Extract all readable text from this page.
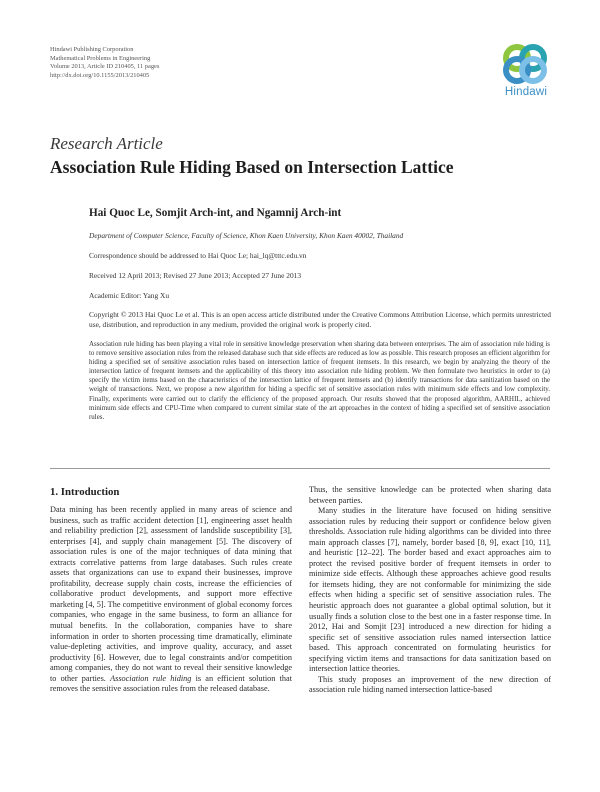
Hindawi Publishing Corporation
Mathematical Problems in Engineering
Volume 2013, Article ID 210405, 11 pages
http://dx.doi.org/10.1155/2013/210405
Hindawi
Research Article
Association Rule Hiding Based on Intersection Lattice
Hai Quoc Le, Somjit Arch-int, and Ngamnij Arch-int
Department of Computer Science, Faculty of Science, Khon Kaen University, Khon Kaen 40002, Thailand
Correspondence should be addressed to Hai Quoc Le; hai_lq@tttc.edu.vn
Received 12 April 2013; Revised 27 June 2013; Accepted 27 June 2013
Academic Editor: Yang Xu
Copyright © 2013 Hai Quoc Le et al. This is an open access article distributed under the Creative Commons Attribution License, which permits unrestricted use, distribution, and reproduction in any medium, provided the original work is properly cited.
Association rule hiding has been playing a vital role in sensitive knowledge preservation when sharing data between enterprises. The aim of association rule hiding is to remove sensitive association rules from the released database such that side effects are reduced as low as possible. This research proposes an efficient algorithm for hiding a specified set of sensitive association rules based on intersection lattice of frequent itemsets. In this research, we begin by analyzing the theory of the intersection lattice of frequent itemsets and the applicability of this theory into association rule hiding problem. We then formulate two heuristics in order to (a) specify the victim items based on the characteristics of the intersection lattice of frequent itemsets and (b) identify transactions for data sanitization based on the weight of transactions. Next, we propose a new algorithm for hiding a specific set of sensitive association rules with minimum side effects and low complexity. Finally, experiments were carried out to clarify the efficiency of the proposed approach. Our results showed that the proposed algorithm, AARHIL, achieved minimum side effects and CPU-Time when compared to current similar state of the art approaches in the context of hiding a specified set of sensitive association rules.
1. Introduction

Data mining has been recently applied in many areas of science and business, such as traffic accident detection [1], engineering asset health and reliability prediction [2], assessment of landslide susceptibility [3], enterprises [4], and supply chain management [5]. The discovery of association rules is one of the major techniques of data mining that extracts correlative patterns from large databases. Such rules create assets that organizations can use to expand their businesses, improve profitability, decrease supply chain costs, increase the efficiencies of collaborative product developments, and support more effective marketing [4, 5]. The competitive environment of global economy forces companies, who engage in the same business, to form an alliance for mutual benefits. In the collaboration, companies have to share information in order to shorten processing time dramatically, eliminate value-depleting activities, and improve quality, accuracy, and asset productivity [6]. However, due to legal constraints and/or competition among companies, they do not want to reveal their sensitive knowledge to other parties. Association rule hiding is an efficient solution that removes the sensitive association rules from the released database.

Thus, the sensitive knowledge can be protected when sharing data between parties.

Many studies in the literature have focused on hiding sensitive association rules by reducing their support or confidence below given thresholds. Association rule hiding algorithms can be divided into three main approach classes [7], namely, border based [8, 9], exact [10, 11], and heuristic [12–22]. The border based and exact approaches aim to protect the revised positive border of frequent itemsets in order to minimize side effects. Although these approaches achieve good results for itemsets hiding, they are not conformable for minimizing the side effects when hiding a specific set of sensitive association rules. The heuristic approach does not guarantee a global optimal solution, but it usually finds a solution close to the best one in a faster response time. In 2012, Hai and Somjit [23] introduced a new direction for hiding a specific set of sensitive association rules named intersection lattice based. This approach concentrated on formulating heuristics for specifying victim items and transactions for data sanitization based on intersection lattice theories.

This study proposes an improvement of the new direction of association rule hiding named intersection lattice-based
